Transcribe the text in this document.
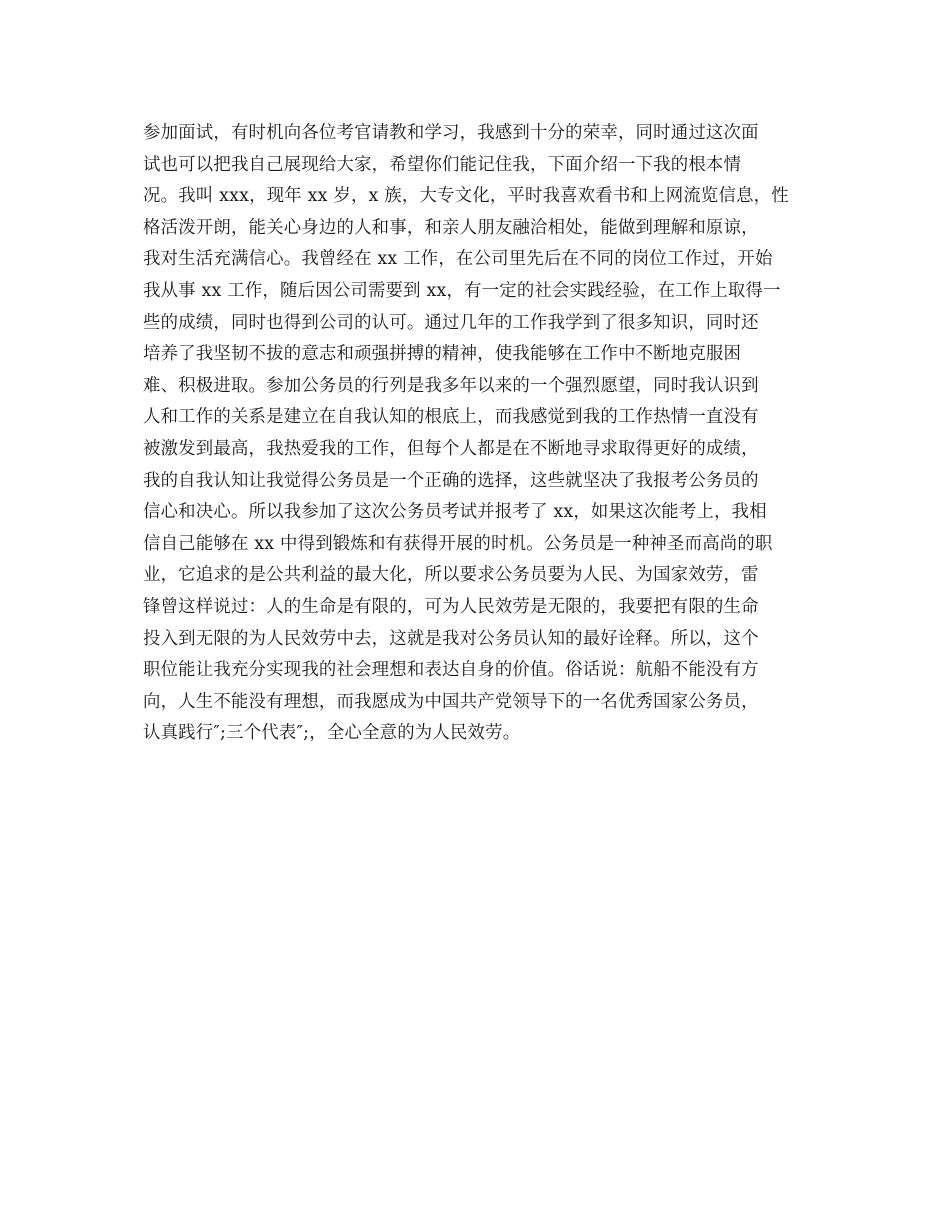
参加面试，有时机向各位考官请教和学习，我感到十分的荣幸，同时通过这次面
试也可以把我自己展现给大家，希望你们能记住我，下面介绍一下我的根本情
况。我叫 xxx，现年 xx 岁，x 族，大专文化，平时我喜欢看书和上网流览信息，性
格活泼开朗，能关心身边的人和事，和亲人朋友融洽相处，能做到理解和原谅，
我对生活充满信心。我曾经在 xx 工作，在公司里先后在不同的岗位工作过，开始
我从事 xx 工作，随后因公司需要到 xx，有一定的社会实践经验，在工作上取得一
些的成绩，同时也得到公司的认可。通过几年的工作我学到了很多知识，同时还
培养了我坚韧不拔的意志和顽强拼搏的精神，使我能够在工作中不断地克服困
难、积极进取。参加公务员的行列是我多年以来的一个强烈愿望，同时我认识到
人和工作的关系是建立在自我认知的根底上，而我感觉到我的工作热情一直没有
被激发到最高，我热爱我的工作，但每个人都是在不断地寻求取得更好的成绩，
我的自我认知让我觉得公务员是一个正确的选择，这些就坚决了我报考公务员的
信心和决心。所以我参加了这次公务员考试并报考了 xx，如果这次能考上，我相
信自己能够在 xx 中得到锻炼和有获得开展的时机。公务员是一种神圣而高尚的职
业，它追求的是公共利益的最大化，所以要求公务员要为人民、为国家效劳，雷
锋曾这样说过：人的生命是有限的，可为人民效劳是无限的，我要把有限的生命
投入到无限的为人民效劳中去，这就是我对公务员认知的最好诠释。所以，这个
职位能让我充分实现我的社会理想和表达自身的价值。俗话说：航船不能没有方
向，人生不能没有理想，而我愿成为中国共产党领导下的一名优秀国家公务员，
认真践行″;三个代表″;，全心全意的为人民效劳。
